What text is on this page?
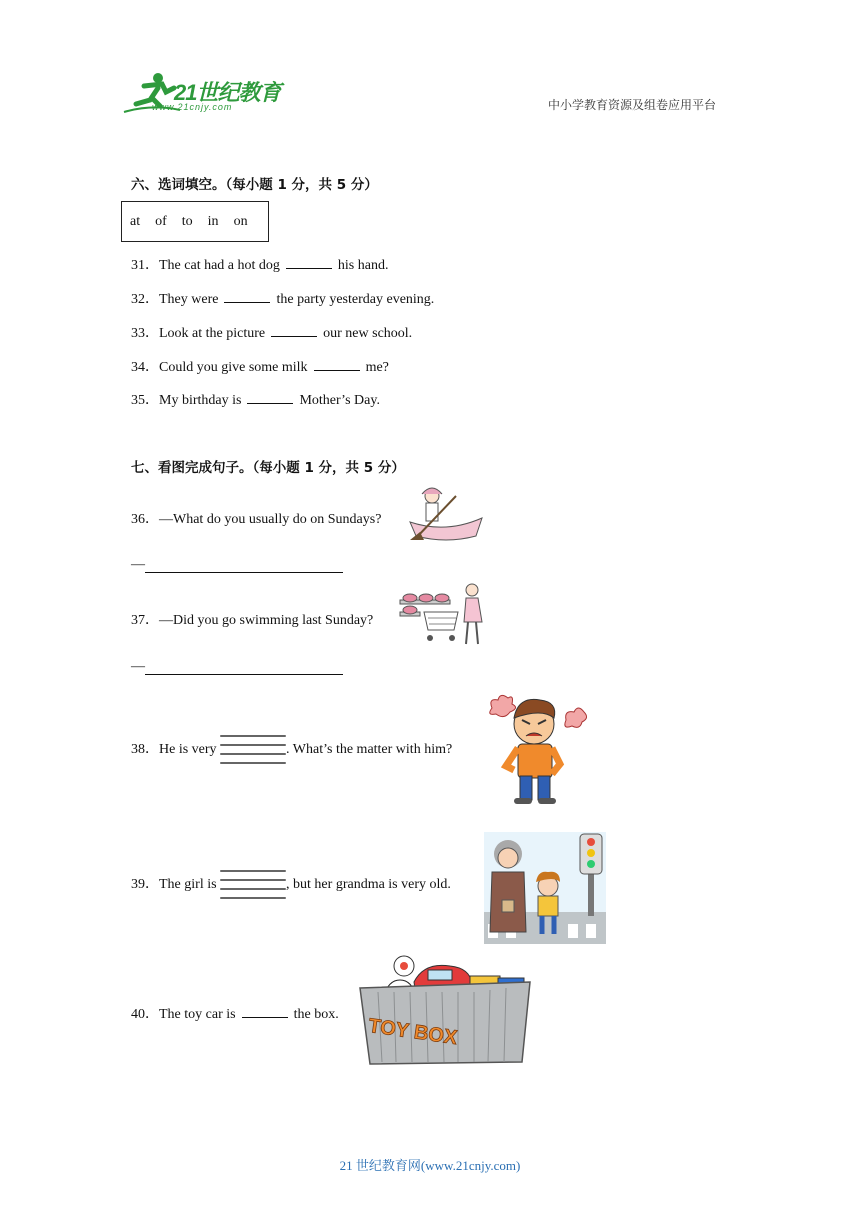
21世纪教育
www.21cnjy.com	中小学教育资源及组卷应用平台
六、选词填空。（每小题 1 分，共 5 分）
at of to in on
31．The cat had a hot dog	his hand.
32．They were	the party yesterday evening.
33．Look at the picture	our new school.
34．Could you give some milk	me?
35．My birthday is	Mother’s Day.
七、看图完成句子。（每小题 1 分，共 5 分）
36．—What do you usually do on Sundays?
—
37．—Did you go swimming last Sunday?
—
38．He is very	. What’s the matter with him?
39．The girl is	, but her grandma is very old.
40．The toy car is	the box.
TOY BOX
21 世纪教育网(www.21cnjy.com)
